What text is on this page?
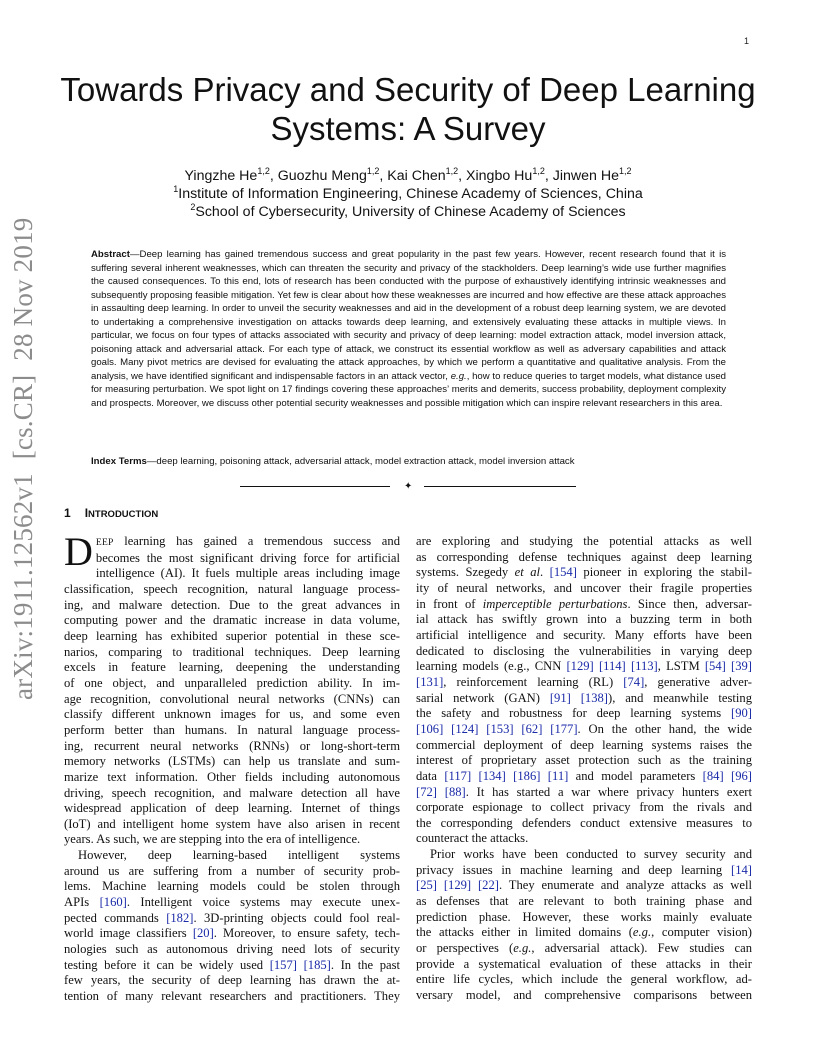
1
arXiv:1911.12562v1  [cs.CR]  28 Nov 2019
Towards Privacy and Security of Deep Learning
Systems: A Survey
Yingzhe He$^{1,2}$, Guozhu Meng$^{1,2}$, Kai Chen$^{1,2}$, Xingbo Hu$^{1,2}$, Jinwen He$^{1,2}$
$^1$Institute of Information Engineering, Chinese Academy of Sciences, China
$^2$School of Cybersecurity, University of Chinese Academy of Sciences
Abstract—Deep learning has gained tremendous success and great popularity in the past few years. However, recent research found that it is suffering several inherent weaknesses, which can threaten the security and privacy of the stackholders. Deep learning’s wide use further magnifies the caused consequences. To this end, lots of research has been conducted with the purpose of exhaustively identifying intrinsic weaknesses and subsequently proposing feasible mitigation. Yet few is clear about how these weaknesses are incurred and how effective are these attack approaches in assaulting deep learning. In order to unveil the security weaknesses and aid in the development of a robust deep learning system, we are devoted to undertaking a comprehensive investigation on attacks towards deep learning, and extensively evaluating these attacks in multiple views. In particular, we focus on four types of attacks associated with security and privacy of deep learning: model extraction attack, model inversion attack, poisoning attack and adversarial attack. For each type of attack, we construct its essential workflow as well as adversary capabilities and attack goals. Many pivot metrics are devised for evaluating the attack approaches, by which we perform a quantitative and qualitative analysis. From the analysis, we have identified significant and indispensable factors in an attack vector, e.g., how to reduce queries to target models, what distance used for measuring perturbation. We spot light on 17 findings covering these approaches’ merits and demerits, success probability, deployment complexity and prospects. Moreover, we discuss other potential security weaknesses and possible mitigation which can inspire relevant researchers in this area.
Index Terms—deep learning, poisoning attack, adversarial attack, model extraction attack, model inversion attack
✦
1 INTRODUCTION

D EEP learning has gained a tremendous success and
becomes the most significant driving force for artificial
intelligence (AI). It fuels multiple areas including image
classification, speech recognition, natural language process-
ing, and malware detection. Due to the great advances in
computing power and the dramatic increase in data volume,
deep learning has exhibited superior potential in these sce-
narios, comparing to traditional techniques. Deep learning
excels in feature learning, deepening the understanding
of one object, and unparalleled prediction ability. In im-
age recognition, convolutional neural networks (CNNs) can
classify different unknown images for us, and some even
perform better than humans. In natural language process-
ing, recurrent neural networks (RNNs) or long-short-term
memory networks (LSTMs) can help us translate and sum-
marize text information. Other fields including autonomous
driving, speech recognition, and malware detection all have
widespread application of deep learning. Internet of things
(IoT) and intelligent home system have also arisen in recent
years. As such, we are stepping into the era of intelligence.

However, deep learning-based intelligent systems
around us are suffering from a number of security prob-
lems. Machine learning models could be stolen through
APIs [160]. Intelligent voice systems may execute unex-
pected commands [182]. 3D-printing objects could fool real-
world image classifiers [20]. Moreover, to ensure safety, tech-
nologies such as autonomous driving need lots of security
testing before it can be widely used [157] [185]. In the past
few years, the security of deep learning has drawn the at-
tention of many relevant researchers and practitioners. They

are exploring and studying the potential attacks as well
as corresponding defense techniques against deep learning
systems. Szegedy et al. [154] pioneer in exploring the stabil-
ity of neural networks, and uncover their fragile properties
in front of imperceptible perturbations. Since then, adversar-
ial attack has swiftly grown into a buzzing term in both
artificial intelligence and security. Many efforts have been
dedicated to disclosing the vulnerabilities in varying deep
learning models (e.g., CNN [129] [114] [113], LSTM [54] [39]
[131], reinforcement learning (RL) [74], generative adver-
sarial network (GAN) [91] [138]), and meanwhile testing
the safety and robustness for deep learning systems [90]
[106] [124] [153] [62] [177]. On the other hand, the wide
commercial deployment of deep learning systems raises the
interest of proprietary asset protection such as the training
data [117] [134] [186] [11] and model parameters [84] [96]
[72] [88]. It has started a war where privacy hunters exert
corporate espionage to collect privacy from the rivals and
the corresponding defenders conduct extensive measures to
counteract the attacks.

Prior works have been conducted to survey security and
privacy issues in machine learning and deep learning [14]
[25] [129] [22]. They enumerate and analyze attacks as well
as defenses that are relevant to both training phase and
prediction phase. However, these works mainly evaluate
the attacks either in limited domains (e.g., computer vision)
or perspectives (e.g., adversarial attack). Few studies can
provide a systematical evaluation of these attacks in their
entire life cycles, which include the general workflow, ad-
versary model, and comprehensive comparisons between
